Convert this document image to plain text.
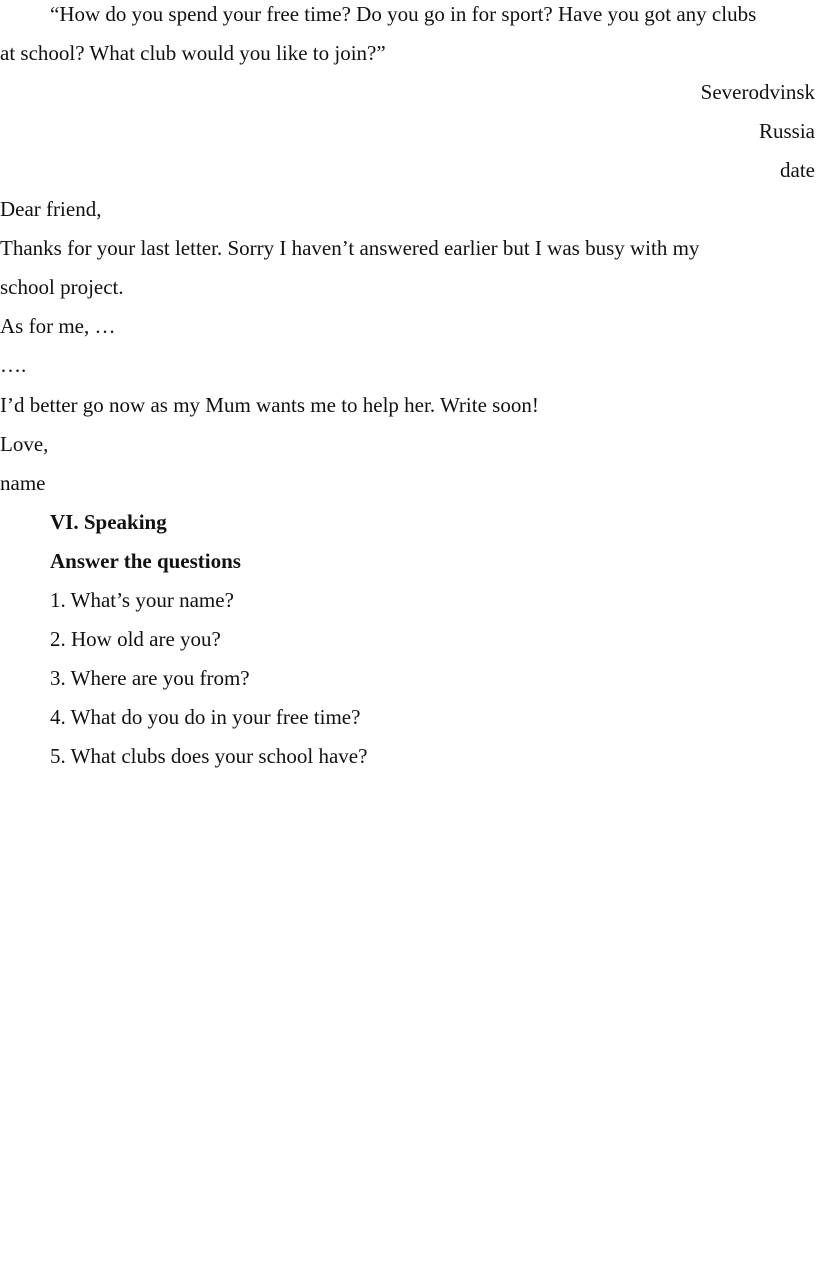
“How do you spend your free time? Do you go in for sport? Have you got any clubs
at school? What club would you like to join?”
Severodvinsk
Russia
date
Dear friend,
Thanks for your last letter. Sorry I haven’t answered earlier but I was busy with my
school project.
As for me, …
….
I’d better go now as my Mum wants me to help her. Write soon!
Love,
name
VI. Speaking
Answer the questions
1. What’s your name?
2. How old are you?
3. Where are you from?
4. What do you do in your free time?
5. What clubs does your school have?
